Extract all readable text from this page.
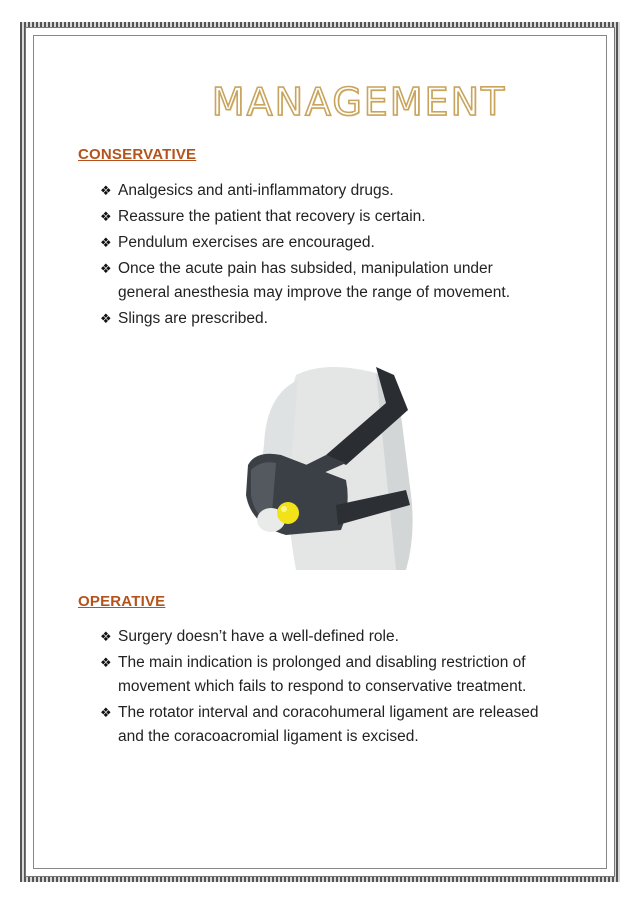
MANAGEMENT
CONSERVATIVE
❖ Analgesics and anti-inflammatory drugs.
❖ Reassure the patient that recovery is certain.
❖ Pendulum exercises are encouraged.
❖ Once the acute pain has subsided, manipulation under general anesthesia may improve the range of movement.
❖ Slings are prescribed.
OPERATIVE
❖ Surgery doesn’t have a well-defined role.
❖ The main indication is prolonged and disabling restriction of movement which fails to respond to conservative treatment.
❖ The rotator interval and coracohumeral ligament are released and the coracoacromial ligament is excised.
